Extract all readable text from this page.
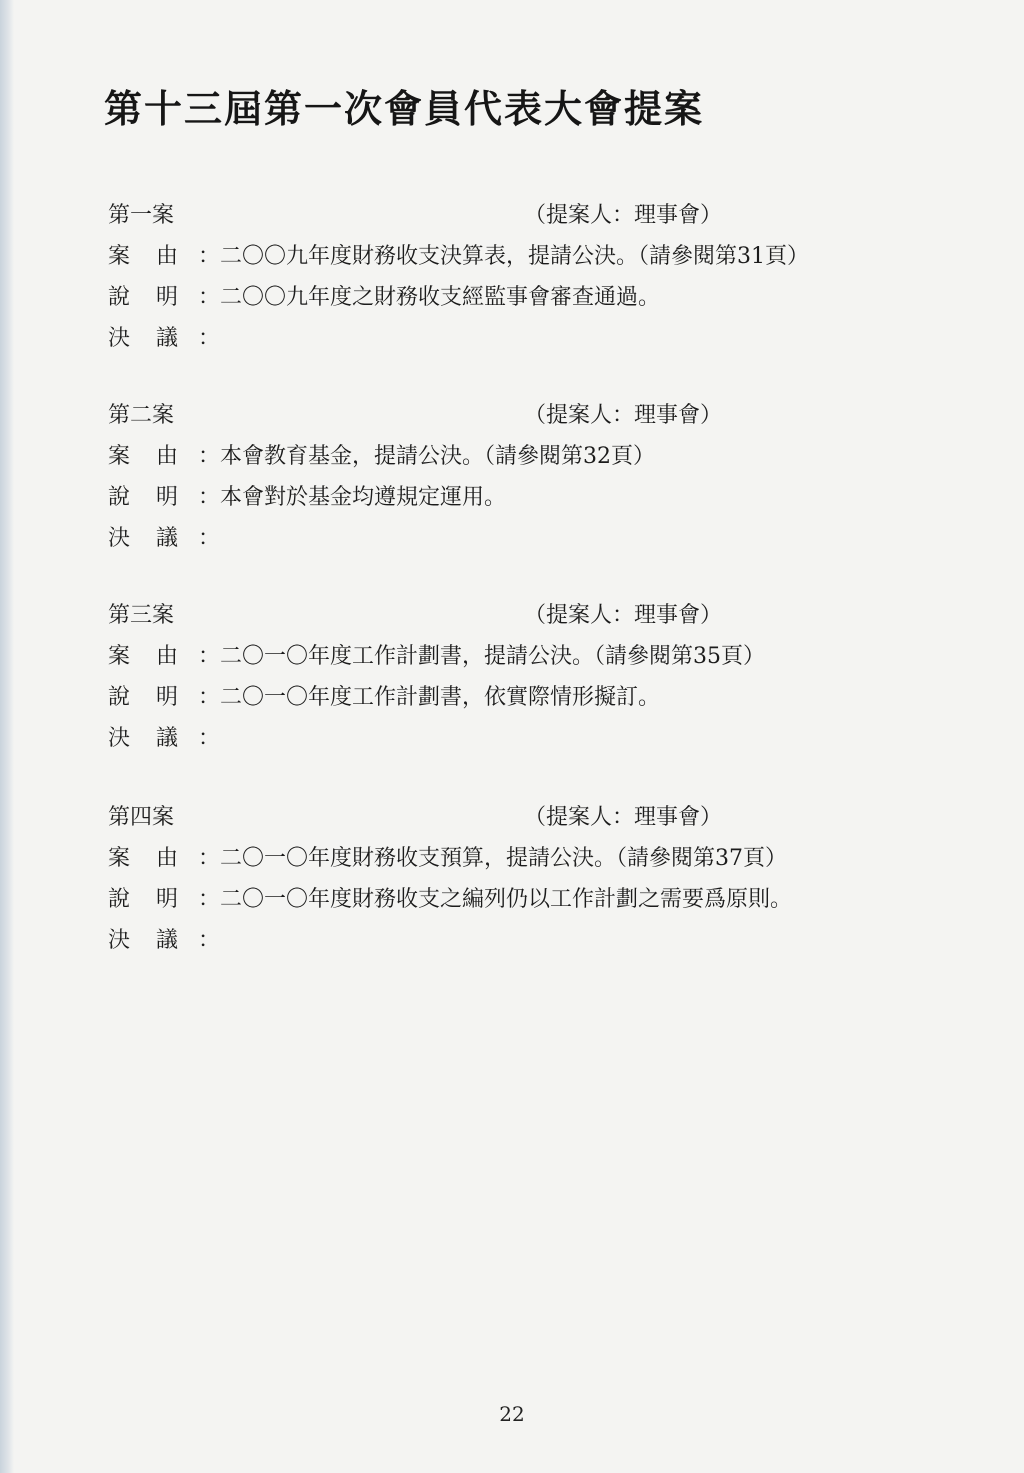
第十三屆第一次會員代表大會提案
第一案	（提案人：理事會）
案 由 ：二〇〇九年度財務收支決算表，提請公決。（請參閱第31頁）
說 明 ：二〇〇九年度之財務收支經監事會審查通過。
決 議 ：
第二案	（提案人：理事會）
案 由 ：本會教育基金，提請公決。（請參閱第32頁）
說 明 ：本會對於基金均遵規定運用。
決 議 ：
第三案	（提案人：理事會）
案 由 ：二〇一〇年度工作計劃書，提請公決。（請參閱第35頁）
說 明 ：二〇一〇年度工作計劃書，依實際情形擬訂。
決 議 ：
第四案	（提案人：理事會）
案 由 ：二〇一〇年度財務收支預算，提請公決。（請參閱第37頁）
說 明 ：二〇一〇年度財務收支之編列仍以工作計劃之需要爲原則。
決 議 ：
22
